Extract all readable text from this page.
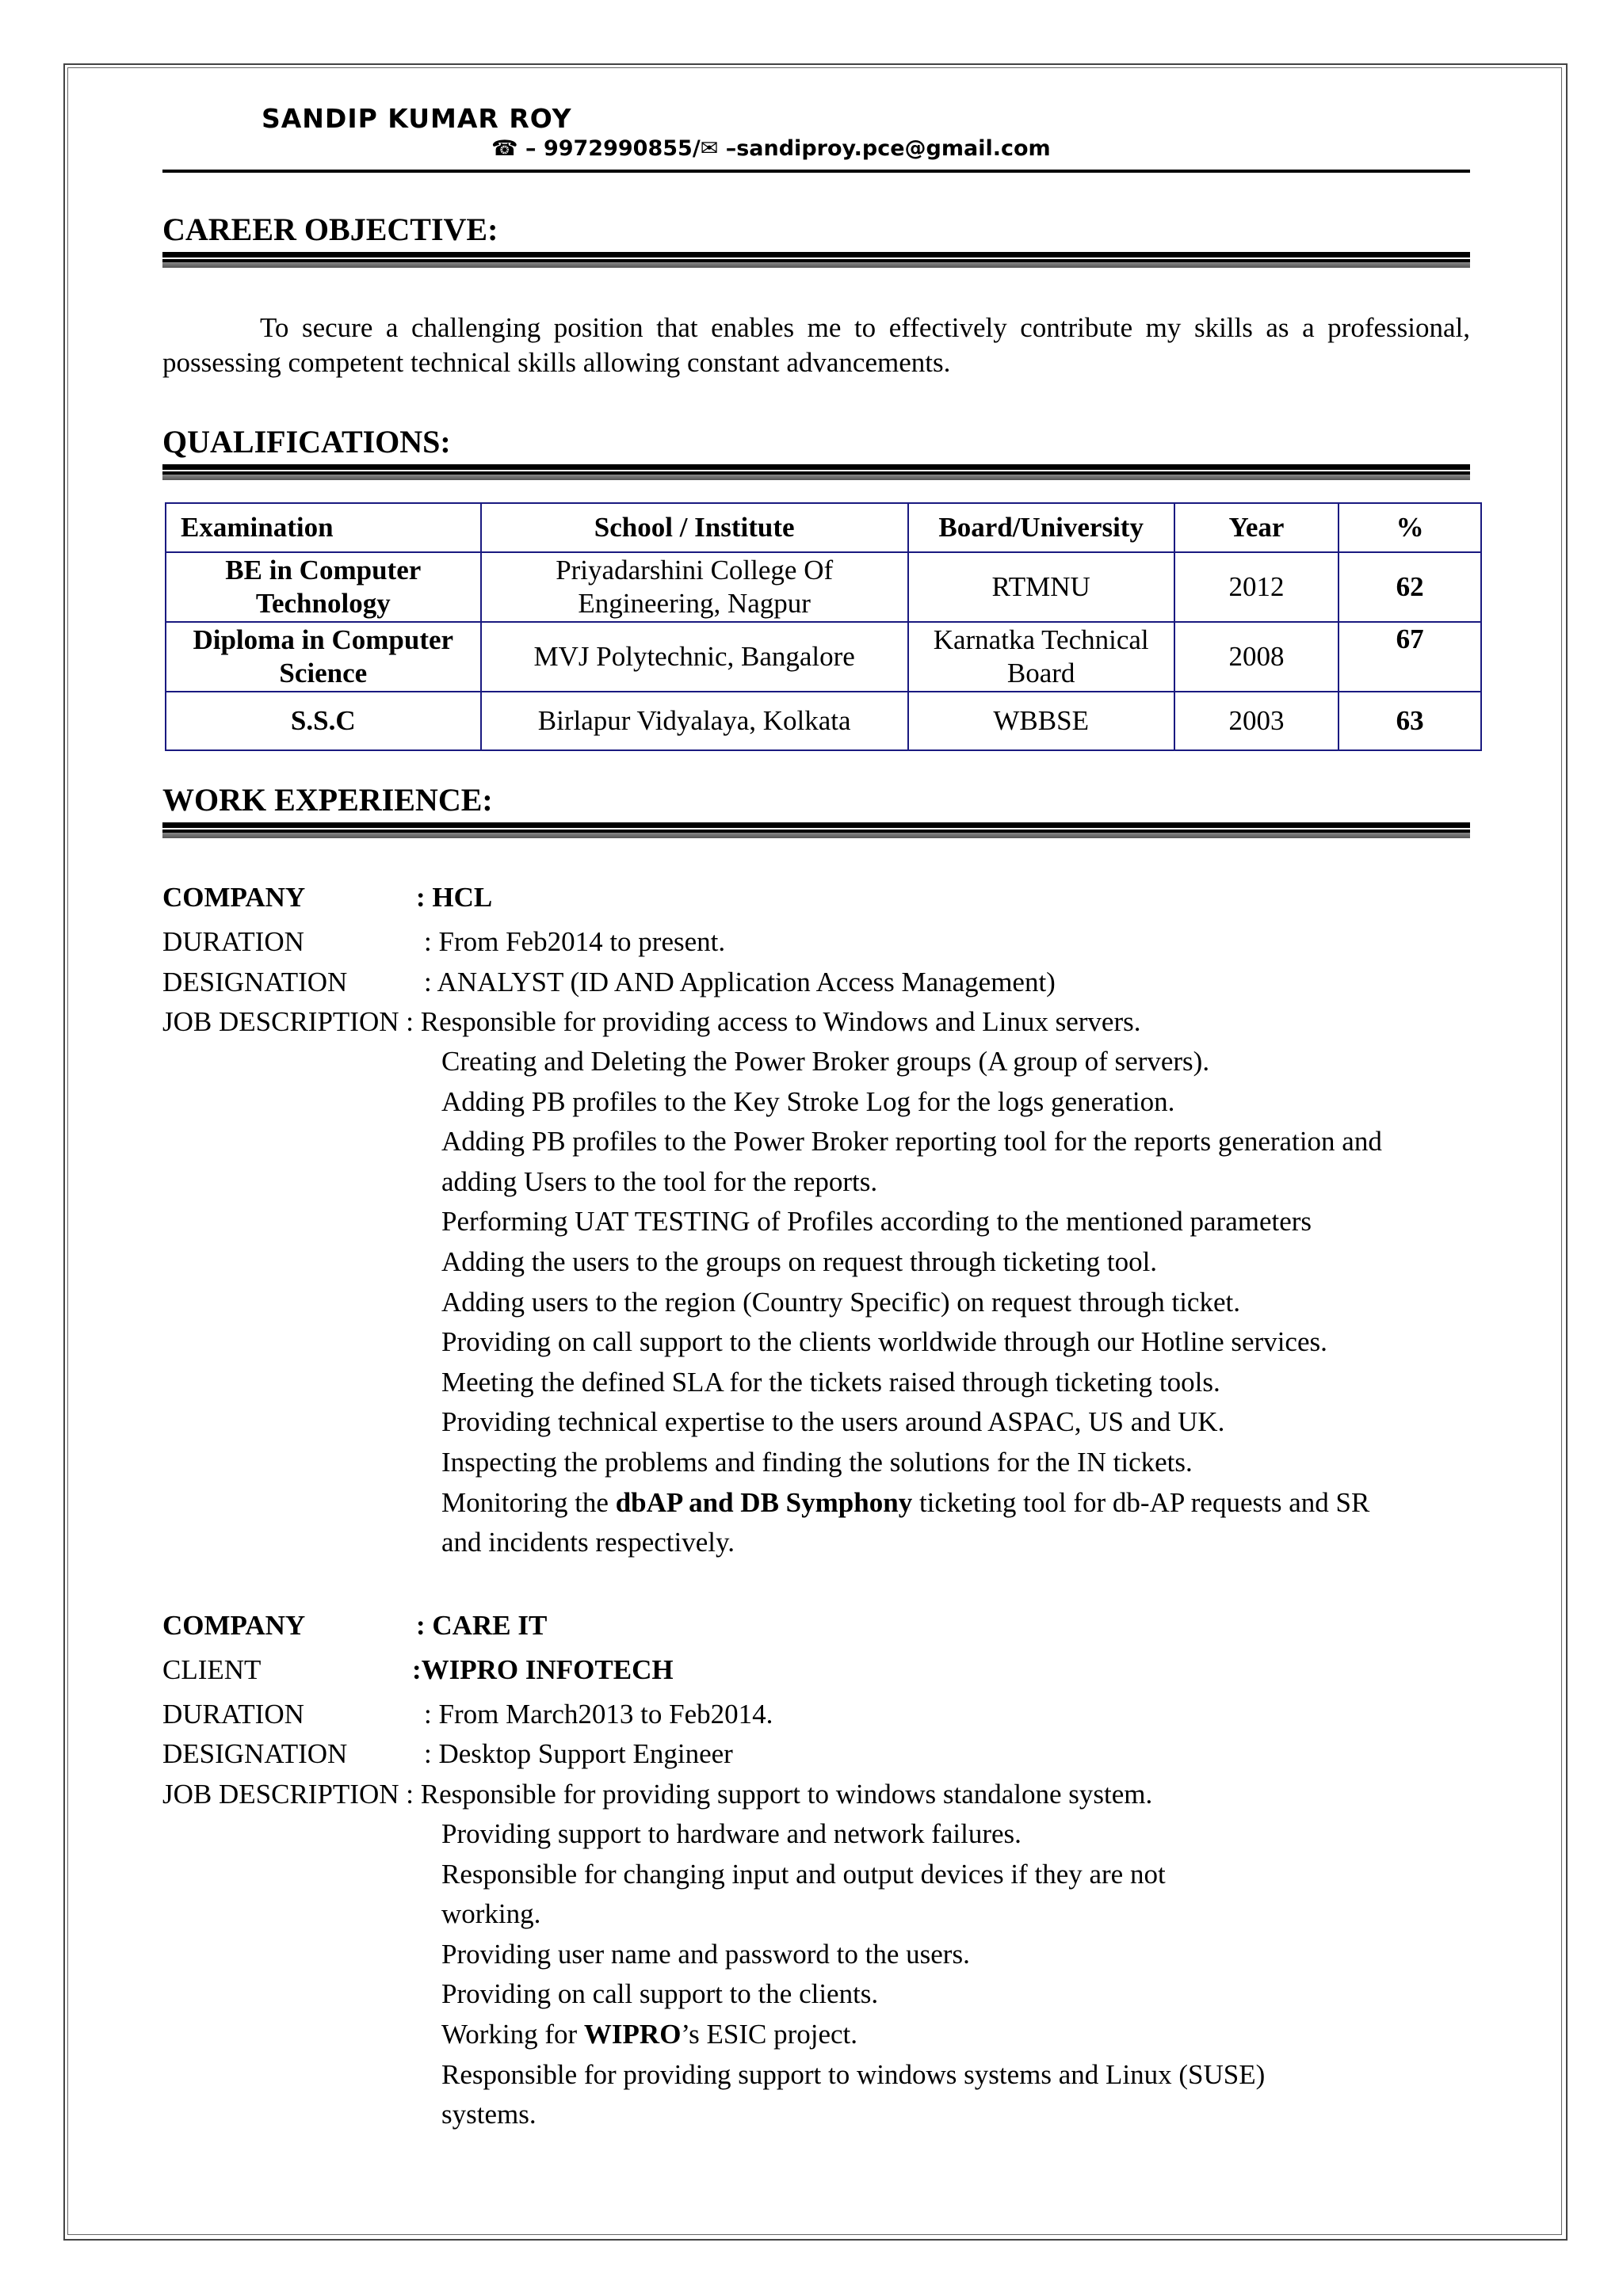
SANDIP KUMAR ROY
☎ – 9972990855/✉ –sandiproy.pce@gmail.com
CAREER OBJECTIVE:
To secure a challenging position that enables me to effectively contribute my skills as a professional, possessing competent technical skills allowing constant advancements.
QUALIFICATIONS:
Examination	School / Institute	Board/University	Year	%
BE in Computer Technology	Priyadarshini College Of Engineering, Nagpur	RTMNU	2012	62
Diploma in Computer Science	MVJ Polytechnic, Bangalore	Karnatka Technical Board	2008	67
S.S.C	Birlapur Vidyalaya, Kolkata	WBBSE	2003	63
WORK EXPERIENCE:
COMPANY	: HCL
DURATION	: From Feb2014 to present.
DESIGNATION	: ANALYST (ID AND Application Access Management)
JOB DESCRIPTION : Responsible for providing access to Windows and Linux servers.
Creating and Deleting the Power Broker groups (A group of servers).
Adding PB profiles to the Key Stroke Log for the logs generation.
Adding PB profiles to the Power Broker reporting tool for the reports generation and
adding Users to the tool for the reports.
Performing UAT TESTING of Profiles according to the mentioned parameters
Adding the users to the groups on request through ticketing tool.
Adding users to the region (Country Specific) on request through ticket.
Providing on call support to the clients worldwide through our Hotline services.
Meeting the defined SLA for the tickets raised through ticketing tools.
Providing technical expertise to the users around ASPAC, US and UK.
Inspecting the problems and finding the solutions for the IN tickets.
Monitoring the dbAP and DB Symphony ticketing tool for db-AP requests and SR
and incidents respectively.
COMPANY	: CARE IT
CLIENT	:WIPRO INFOTECH
DURATION	: From March2013 to Feb2014.
DESIGNATION	: Desktop Support Engineer
JOB DESCRIPTION : Responsible for providing support to windows standalone system.
Providing support to hardware and network failures.
Responsible for changing input and output devices if they are not
working.
Providing user name and password to the users.
Providing on call support to the clients.
Working for WIPRO’s ESIC project.
Responsible for providing support to windows systems and Linux (SUSE)
systems.
